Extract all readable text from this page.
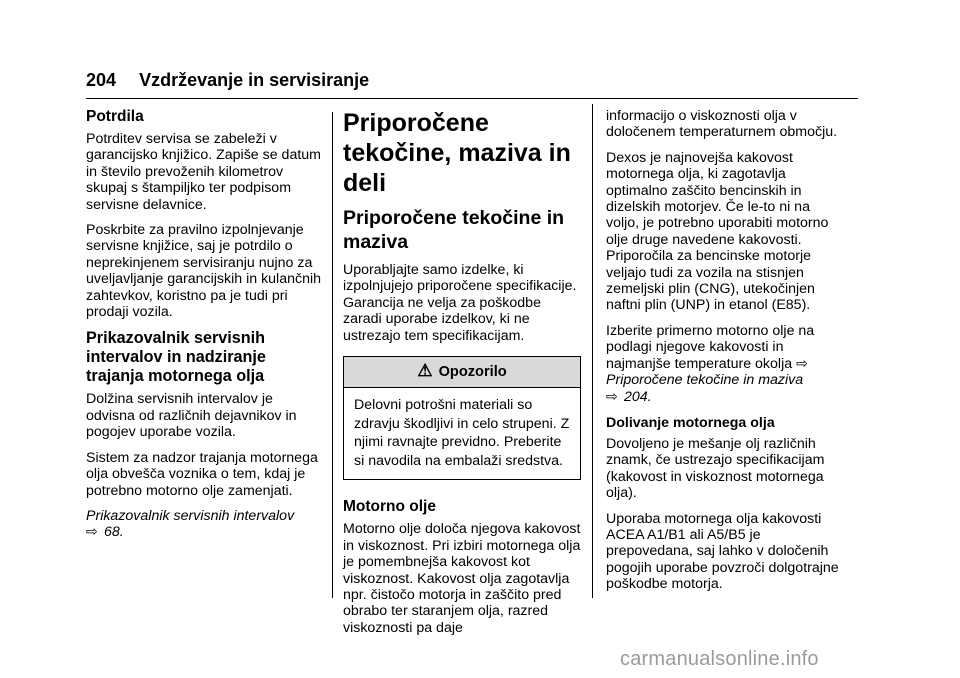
204 Vzdrževanje in servisiranje
Potrdila

Potrditev servisa se zabeleži v garancijsko knjižico. Zapiše se datum in število prevoženih kilometrov skupaj s štampiljko ter podpisom servisne delavnice.

Poskrbite za pravilno izpolnjevanje servisne knjižice, saj je potrdilo o neprekinjenem servisiranju nujno za uveljavljanje garancijskih in kulančnih zahtevkov, koristno pa je tudi pri prodaji vozila.

Prikazovalnik servisnih intervalov in nadziranje trajanja motornega olja

Dolžina servisnih intervalov je odvisna od različnih dejavnikov in pogojev uporabe vozila.

Sistem za nadzor trajanja motornega olja obvešča voznika o tem, kdaj je potrebno motorno olje zamenjati.

Prikazovalnik servisnih intervalov
⇨ 68.

Priporočene tekočine, maziva in deli
Priporočene tekočine in maziva

Uporabljajte samo izdelke, ki izpolnjujejo priporočene specifikacije. Garancija ne velja za poškodbe zaradi uporabe izdelkov, ki ne ustrezajo tem specifikacijam.

⚠ Opozorilo
Delovni potrošni materiali so zdravju škodljivi in celo strupeni. Z njimi ravnajte previdno. Preberite si navodila na embalaži sredstva.
Motorno olje

Motorno olje določa njegova kakovost in viskoznost. Pri izbiri motornega olja je pomembnejša kakovost kot viskoznost. Kakovost olja zagotavlja npr. čistočo motorja in zaščito pred obrabo ter staranjem olja, razred viskoznosti pa daje

informacijo o viskoznosti olja v določenem temperaturnem območju.

Dexos je najnovejša kakovost motornega olja, ki zagotavlja optimalno zaščito bencinskih in dizelskih motorjev. Če le-to ni na voljo, je potrebno uporabiti motorno olje druge navedene kakovosti. Priporočila za bencinske motorje veljajo tudi za vozila na stisnjen zemeljski plin (CNG), utekočinjen naftni plin (UNP) in etanol (E85).

Izberite primerno motorno olje na podlagi njegove kakovosti in najmanjše temperature okolja ⇨
Priporočene tekočine in maziva
⇨ 204.

Dolivanje motornega olja

Dovoljeno je mešanje olj različnih znamk, če ustrezajo specifikacijam (kakovost in viskoznost motornega olja).

Uporaba motornega olja kakovosti ACEA A1/B1 ali A5/B5 je prepovedana, saj lahko v določenih pogojih uporabe povzroči dolgotrajne poškodbe motorja.

carmanualsonline.info
